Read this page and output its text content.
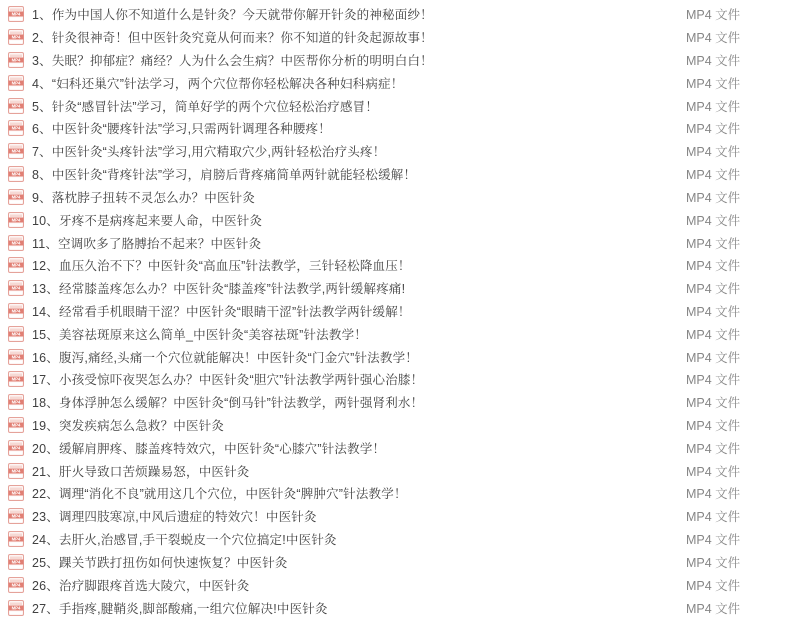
MP4 1、作为中国人你不知道什么是针灸？今天就带你解开针灸的神秘面纱！	MP4 文件
MP4 2、针灸很神奇！但中医针灸究竟从何而来？你不知道的针灸起源故事！	MP4 文件
MP4 3、失眠？抑郁症？痛经？人为什么会生病？中医帮你分析的明明白白！	MP4 文件
MP4 4、“妇科还巢穴”针法学习，两个穴位帮你轻松解决各种妇科病症！	MP4 文件
MP4 5、针灸“感冒针法”学习，简单好学的两个穴位轻松治疗感冒！	MP4 文件
MP4 6、中医针灸“腰疼针法”学习,只需两针调理各种腰疼！	MP4 文件
MP4 7、中医针灸“头疼针法”学习,用穴精取穴少,两针轻松治疗头疼！	MP4 文件
MP4 8、中医针灸“背疼针法”学习，肩膀后背疼痛简单两针就能轻松缓解！	MP4 文件
MP4 9、落枕脖子扭转不灵怎么办？中医针灸	MP4 文件
MP4 10、牙疼不是病疼起来要人命，中医针灸	MP4 文件
MP4 11、空调吹多了胳膊抬不起来？中医针灸	MP4 文件
MP4 12、血压久治不下？中医针灸“高血压”针法教学，三针轻松降血压！	MP4 文件
MP4 13、经常膝盖疼怎么办？中医针灸“膝盖疼”针法教学,两针缓解疼痛!	MP4 文件
MP4 14、经常看手机眼睛干涩？中医针灸“眼睛干涩”针法教学两针缓解！	MP4 文件
MP4 15、美容祛斑原来这么简单_中医针灸“美容祛斑”针法教学！	MP4 文件
MP4 16、腹泻,痛经,头痛一个穴位就能解决！中医针灸“门金穴”针法教学！	MP4 文件
MP4 17、小孩受惊吓夜哭怎么办？中医针灸“胆穴”针法教学两针强心治膝！	MP4 文件
MP4 18、身体浮肿怎么缓解？中医针灸“倒马针”针法教学，两针强肾利水！	MP4 文件
MP4 19、突发疾病怎么急救？中医针灸	MP4 文件
MP4 20、缓解肩胛疼、膝盖疼特效穴，中医针灸“心膝穴”针法教学！	MP4 文件
MP4 21、肝火导致口苦烦躁易怒，中医针灸	MP4 文件
MP4 22、调理“消化不良”就用这几个穴位，中医针灸“脾肿穴”针法教学！	MP4 文件
MP4 23、调理四肢寒凉,中风后遗症的特效穴！中医针灸	MP4 文件
MP4 24、去肝火,治感冒,手干裂蜕皮一个穴位搞定!中医针灸	MP4 文件
MP4 25、踝关节跌打扭伤如何快速恢复？中医针灸	MP4 文件
MP4 26、治疗脚跟疼首选大陵穴，中医针灸	MP4 文件
MP4 27、手指疼,腱鞘炎,脚部酸痛,一组穴位解决!中医针灸	MP4 文件
